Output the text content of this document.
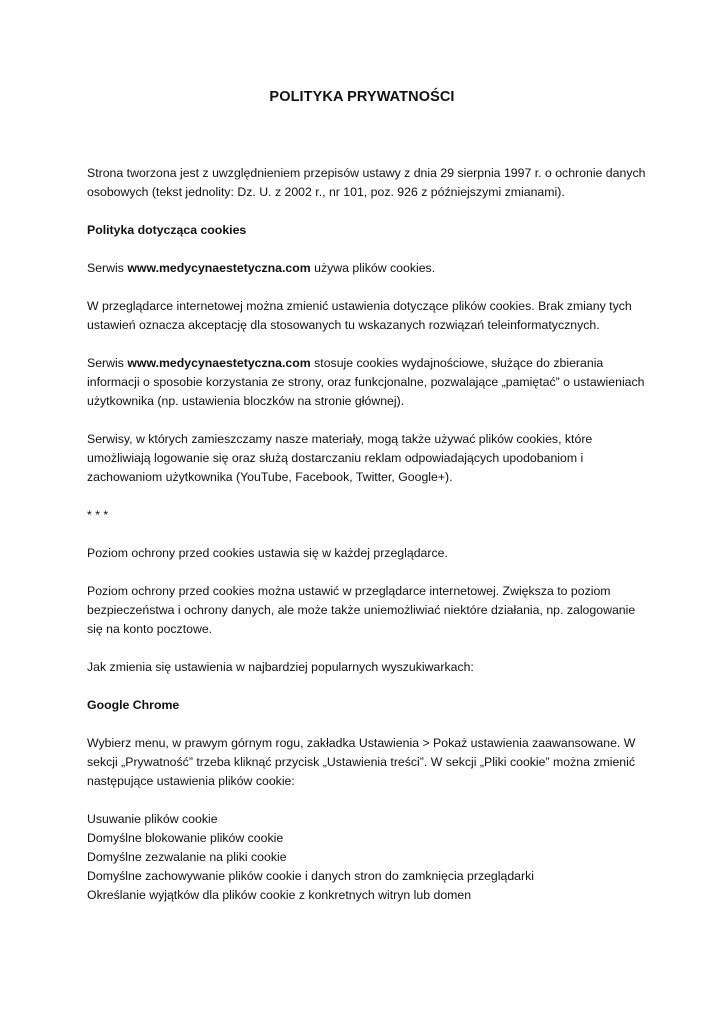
POLITYKA PRYWATNOŚCI

Strona tworzona jest z uwzględnieniem przepisów ustawy z dnia 29 sierpnia 1997 r. o ochronie danych osobowych (tekst jednolity: Dz. U. z 2002 r., nr 101, poz. 926 z późniejszymi zmianami).

Polityka dotycząca cookies

Serwis www.medycynaestetyczna.com używa plików cookies.

W przeglądarce internetowej można zmienić ustawienia dotyczące plików cookies. Brak zmiany tych ustawień oznacza akceptację dla stosowanych tu wskazanych rozwiązań teleinformatycznych.

Serwis www.medycynaestetyczna.com stosuje cookies wydajnościowe, służące do zbierania informacji o sposobie korzystania ze strony, oraz funkcjonalne, pozwalające „pamiętać” o ustawieniach użytkownika (np. ustawienia bloczków na stronie głównej).

Serwisy, w których zamieszczamy nasze materiały, mogą także używać plików cookies, które umożliwiają logowanie się oraz służą dostarczaniu reklam odpowiadających upodobaniom i zachowaniom użytkownika (YouTube, Facebook, Twitter, Google+).

* * *

Poziom ochrony przed cookies ustawia się w każdej przeglądarce.

Poziom ochrony przed cookies można ustawić w przeglądarce internetowej. Zwiększa to poziom bezpieczeństwa i ochrony danych, ale może także uniemożliwiać niektóre działania, np. zalogowanie się na konto pocztowe.

Jak zmienia się ustawienia w najbardziej popularnych wyszukiwarkach:

Google Chrome

Wybierz menu, w prawym górnym rogu, zakładka Ustawienia > Pokaż ustawienia zaawansowane. W sekcji „Prywatność” trzeba kliknąć przycisk „Ustawienia treści”. W sekcji „Pliki cookie” można zmienić następujące ustawienia plików cookie:

Usuwanie plików cookie
Domyślne blokowanie plików cookie
Domyślne zezwalanie na pliki cookie
Domyślne zachowywanie plików cookie i danych stron do zamknięcia przeglądarki
Określanie wyjątków dla plików cookie z konkretnych witryn lub domen
